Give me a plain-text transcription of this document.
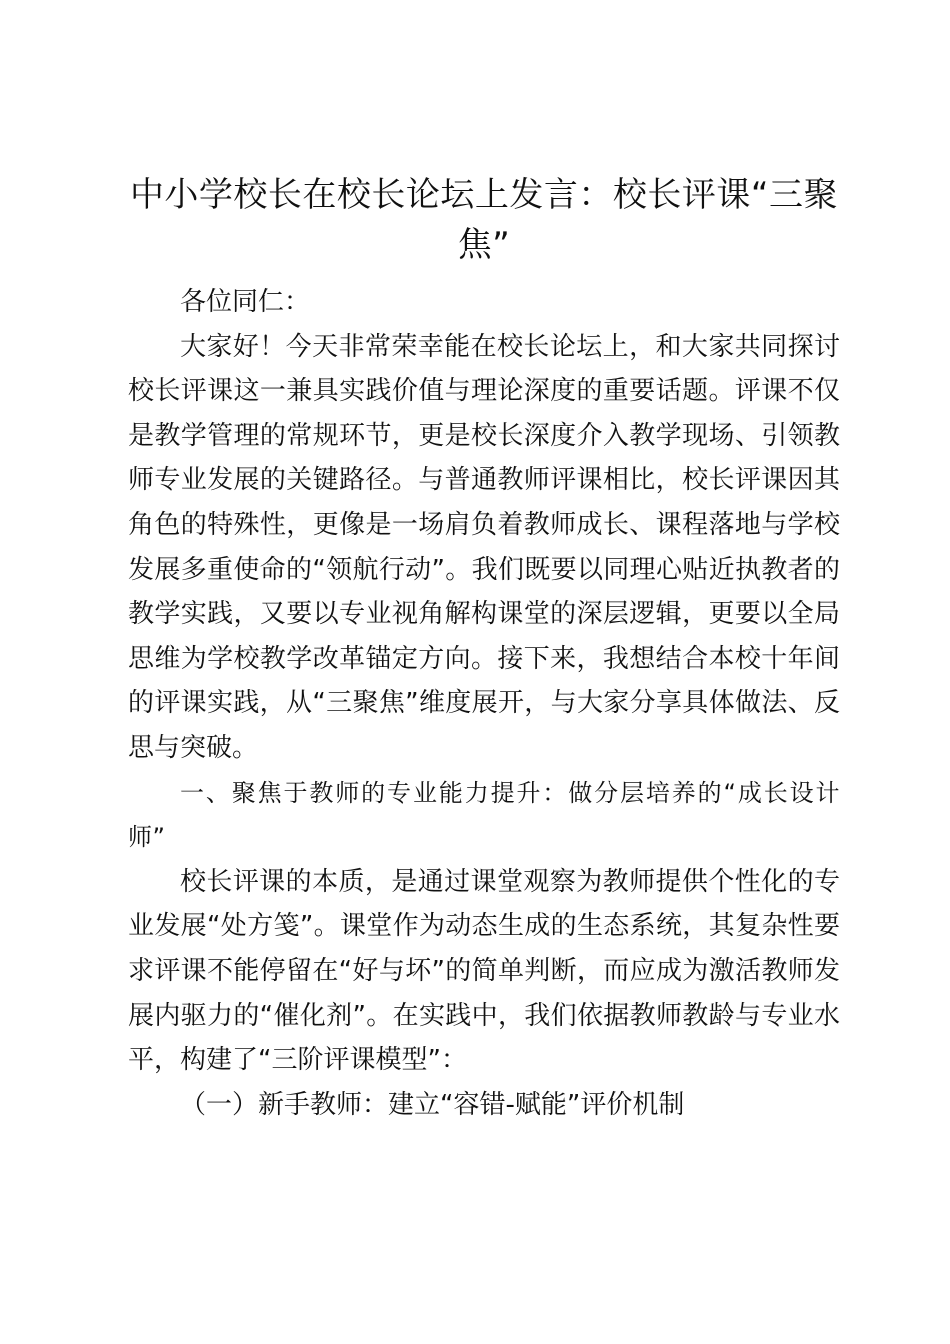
中小学校长在校长论坛上发言：校长评课“三聚焦”

各位同仁：

大家好！今天非常荣幸能在校长论坛上，和大家共同探讨校长评课这一兼具实践价值与理论深度的重要话题。评课不仅是教学管理的常规环节，更是校长深度介入教学现场、引领教师专业发展的关键路径。与普通教师评课相比，校长评课因其角色的特殊性，更像是一场肩负着教师成长、课程落地与学校发展多重使命的“领航行动”。我们既要以同理心贴近执教者的教学实践，又要以专业视角解构课堂的深层逻辑，更要以全局思维为学校教学改革锚定方向。接下来，我想结合本校十年间的评课实践，从“三聚焦”维度展开，与大家分享具体做法、反思与突破。

一、聚焦于教师的专业能力提升：做分层培养的“成长设计师”

校长评课的本质，是通过课堂观察为教师提供个性化的专业发展“处方笺”。课堂作为动态生成的生态系统，其复杂性要求评课不能停留在“好与坏”的简单判断，而应成为激活教师发展内驱力的“催化剂”。在实践中，我们依据教师教龄与专业水平，构建了“三阶评课模型”：

（一）新手教师：建立“容错-赋能”评价机制
